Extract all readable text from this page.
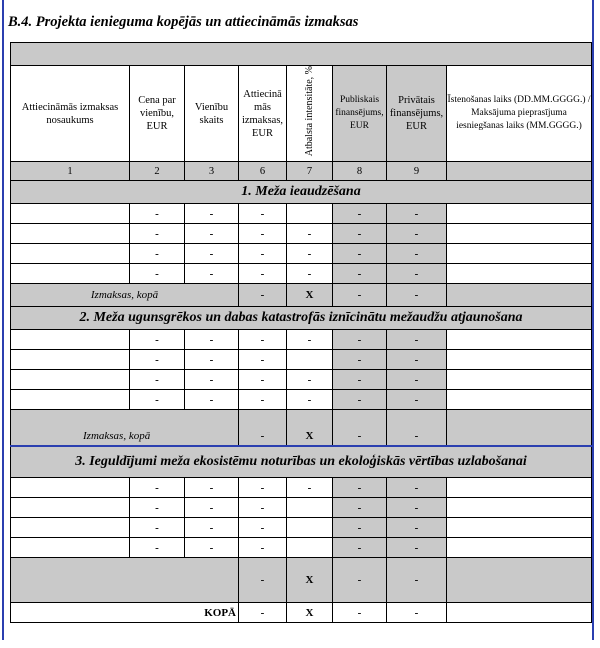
B.4. Projekta ienieguma kopējās un attiecināmās izmaksas

Attiecināmās izmaksas nosaukums	Cena par vienību, EUR	Vienību skaits	Attiecinā mās izmaksas, EUR	Atbalsta intensitāte, %	Publiskais finansējums, EUR	Privātais finansējums, EUR	Īstenošanas laiks (DD.MM.GGGG.) / Maksājuma pieprasījuma iesniegšanas laiks (MM.GGGG.)
1	2	3	6	7	8	9	
1. Meža ieaudzēšana							
	-	-	-		-	-	
	-	-	-	-	-	-	
	-	-	-	-	-	-	
	-	-	-	-	-	-	
Izmaksas, kopā			-	X	-	-	
2. Meža ugunsgrēkos un dabas katastrofās iznīcinātu mežaudžu atjaunošana							
	-	-	-	-	-	-	
	-	-	-		-	-	
	-	-	-	-	-	-	
	-	-	-	-	-	-	
Izmaksas, kopā			-	X	-	-	
3. Ieguldījumi meža ekosistēmu noturības un ekoloģiskās vērtības uzlabošanai							
	-	-	-	-	-	-	
	-	-	-		-	-	
	-	-	-		-	-	
	-	-	-		-	-	
			-	X	-	-	
KOPĀ			-	X	-	-	
